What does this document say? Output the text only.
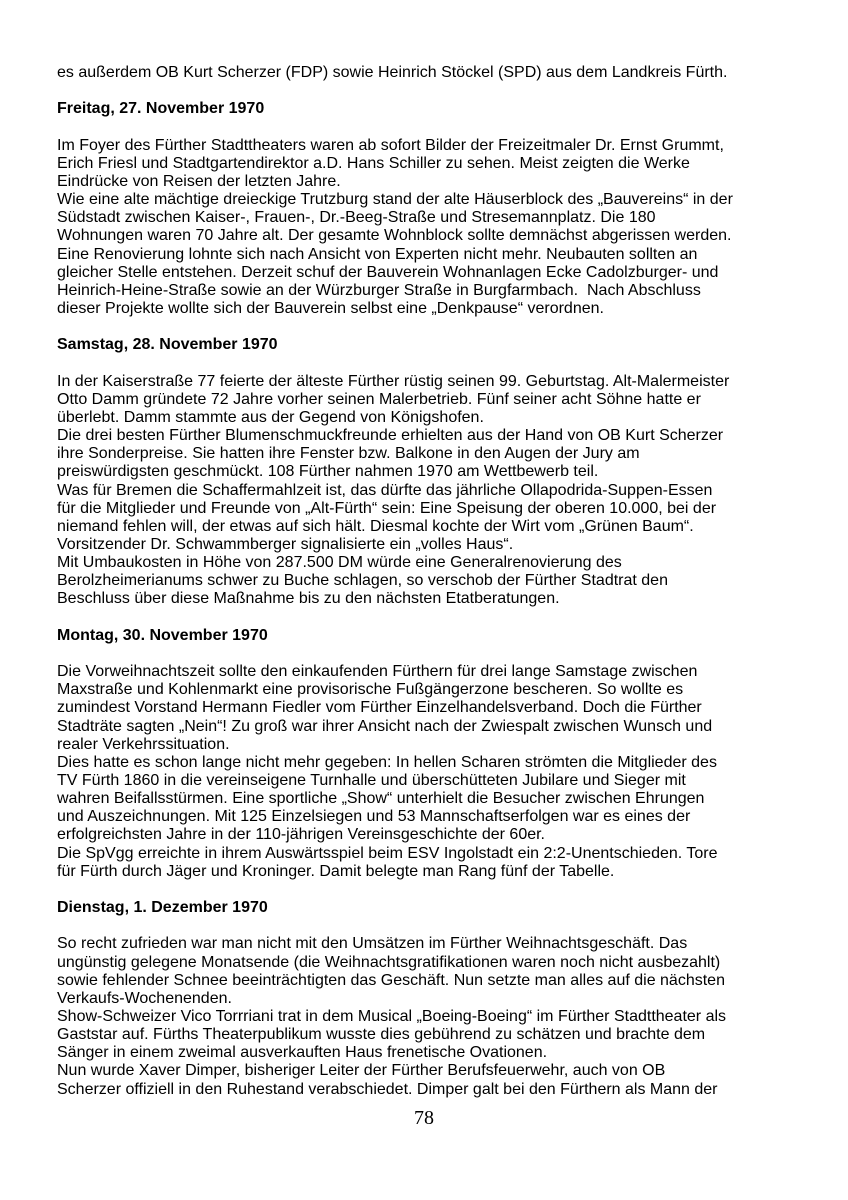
es außerdem OB Kurt Scherzer (FDP) sowie Heinrich Stöckel (SPD) aus dem Landkreis Fürth.
Freitag, 27. November 1970
Im Foyer des Fürther Stadttheaters waren ab sofort Bilder der Freizeitmaler Dr. Ernst Grummt,
Erich Friesl und Stadtgartendirektor a.D. Hans Schiller zu sehen. Meist zeigten die Werke
Eindrücke von Reisen der letzten Jahre.
Wie eine alte mächtige dreieckige Trutzburg stand der alte Häuserblock des „Bauvereins“ in der
Südstadt zwischen Kaiser-, Frauen-, Dr.-Beeg-Straße und Stresemannplatz. Die 180
Wohnungen waren 70 Jahre alt. Der gesamte Wohnblock sollte demnächst abgerissen werden.
Eine Renovierung lohnte sich nach Ansicht von Experten nicht mehr. Neubauten sollten an
gleicher Stelle entstehen. Derzeit schuf der Bauverein Wohnanlagen Ecke Cadolzburger- und
Heinrich-Heine-Straße sowie an der Würzburger Straße in Burgfarmbach.  Nach Abschluss
dieser Projekte wollte sich der Bauverein selbst eine „Denkpause“ verordnen.
Samstag, 28. November 1970
In der Kaiserstraße 77 feierte der älteste Fürther rüstig seinen 99. Geburtstag. Alt-Malermeister
Otto Damm gründete 72 Jahre vorher seinen Malerbetrieb. Fünf seiner acht Söhne hatte er
überlebt. Damm stammte aus der Gegend von Königshofen.
Die drei besten Fürther Blumenschmuckfreunde erhielten aus der Hand von OB Kurt Scherzer
ihre Sonderpreise. Sie hatten ihre Fenster bzw. Balkone in den Augen der Jury am
preiswürdigsten geschmückt. 108 Fürther nahmen 1970 am Wettbewerb teil.
Was für Bremen die Schaffermahlzeit ist, das dürfte das jährliche Ollapodrida-Suppen-Essen
für die Mitglieder und Freunde von „Alt-Fürth“ sein: Eine Speisung der oberen 10.000, bei der
niemand fehlen will, der etwas auf sich hält. Diesmal kochte der Wirt vom „Grünen Baum“.
Vorsitzender Dr. Schwammberger signalisierte ein „volles Haus“.
Mit Umbaukosten in Höhe von 287.500 DM würde eine Generalrenovierung des
Berolzheimerianums schwer zu Buche schlagen, so verschob der Fürther Stadtrat den
Beschluss über diese Maßnahme bis zu den nächsten Etatberatungen.
Montag, 30. November 1970
Die Vorweihnachtszeit sollte den einkaufenden Fürthern für drei lange Samstage zwischen
Maxstraße und Kohlenmarkt eine provisorische Fußgängerzone bescheren. So wollte es
zumindest Vorstand Hermann Fiedler vom Fürther Einzelhandelsverband. Doch die Fürther
Stadträte sagten „Nein“! Zu groß war ihrer Ansicht nach der Zwiespalt zwischen Wunsch und
realer Verkehrssituation.
Dies hatte es schon lange nicht mehr gegeben: In hellen Scharen strömten die Mitglieder des
TV Fürth 1860 in die vereinseigene Turnhalle und überschütteten Jubilare und Sieger mit
wahren Beifallsstürmen. Eine sportliche „Show“ unterhielt die Besucher zwischen Ehrungen
und Auszeichnungen. Mit 125 Einzelsiegen und 53 Mannschaftserfolgen war es eines der
erfolgreichsten Jahre in der 110-jährigen Vereinsgeschichte der 60er.
Die SpVgg erreichte in ihrem Auswärtsspiel beim ESV Ingolstadt ein 2:2-Unentschieden. Tore
für Fürth durch Jäger und Kroninger. Damit belegte man Rang fünf der Tabelle.
Dienstag, 1. Dezember 1970
So recht zufrieden war man nicht mit den Umsätzen im Fürther Weihnachtsgeschäft. Das
ungünstig gelegene Monatsende (die Weihnachtsgratifikationen waren noch nicht ausbezahlt)
sowie fehlender Schnee beeinträchtigten das Geschäft. Nun setzte man alles auf die nächsten
Verkaufs-Wochenenden.
Show-Schweizer Vico Torrriani trat in dem Musical „Boeing-Boeing“ im Fürther Stadttheater als
Gaststar auf. Fürths Theaterpublikum wusste dies gebührend zu schätzen und brachte dem
Sänger in einem zweimal ausverkauften Haus frenetische Ovationen.
Nun wurde Xaver Dimper, bisheriger Leiter der Fürther Berufsfeuerwehr, auch von OB
Scherzer offiziell in den Ruhestand verabschiedet. Dimper galt bei den Fürthern als Mann der
78
